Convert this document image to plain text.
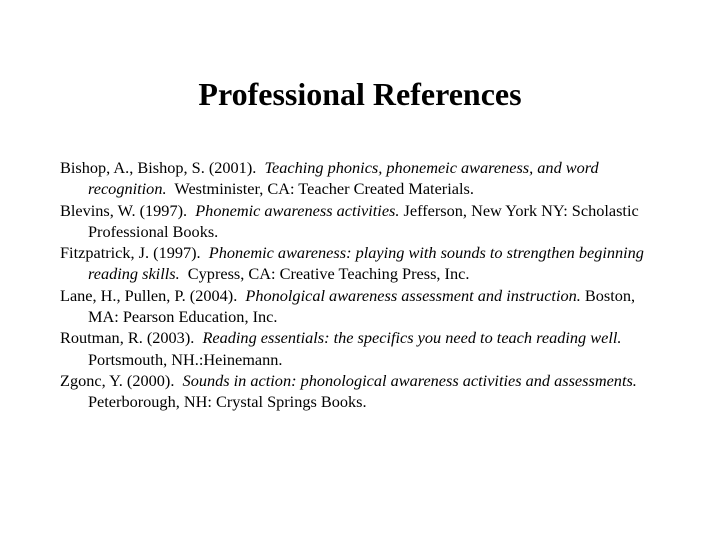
Professional References
Bishop, A., Bishop, S. (2001). Teaching phonics, phonemeic awareness, and word recognition. Westminister, CA: Teacher Created Materials.
Blevins, W. (1997). Phonemic awareness activities. Jefferson, New York NY: Scholastic Professional Books.
Fitzpatrick, J. (1997). Phonemic awareness: playing with sounds to strengthen beginning reading skills. Cypress, CA: Creative Teaching Press, Inc.
Lane, H., Pullen, P. (2004). Phonolgical awareness assessment and instruction. Boston, MA: Pearson Education, Inc.
Routman, R. (2003). Reading essentials: the specifics you need to teach reading well.  Portsmouth, NH.:Heinemann.
Zgonc, Y. (2000). Sounds in action: phonological awareness activities and assessments.  Peterborough, NH: Crystal Springs Books.
